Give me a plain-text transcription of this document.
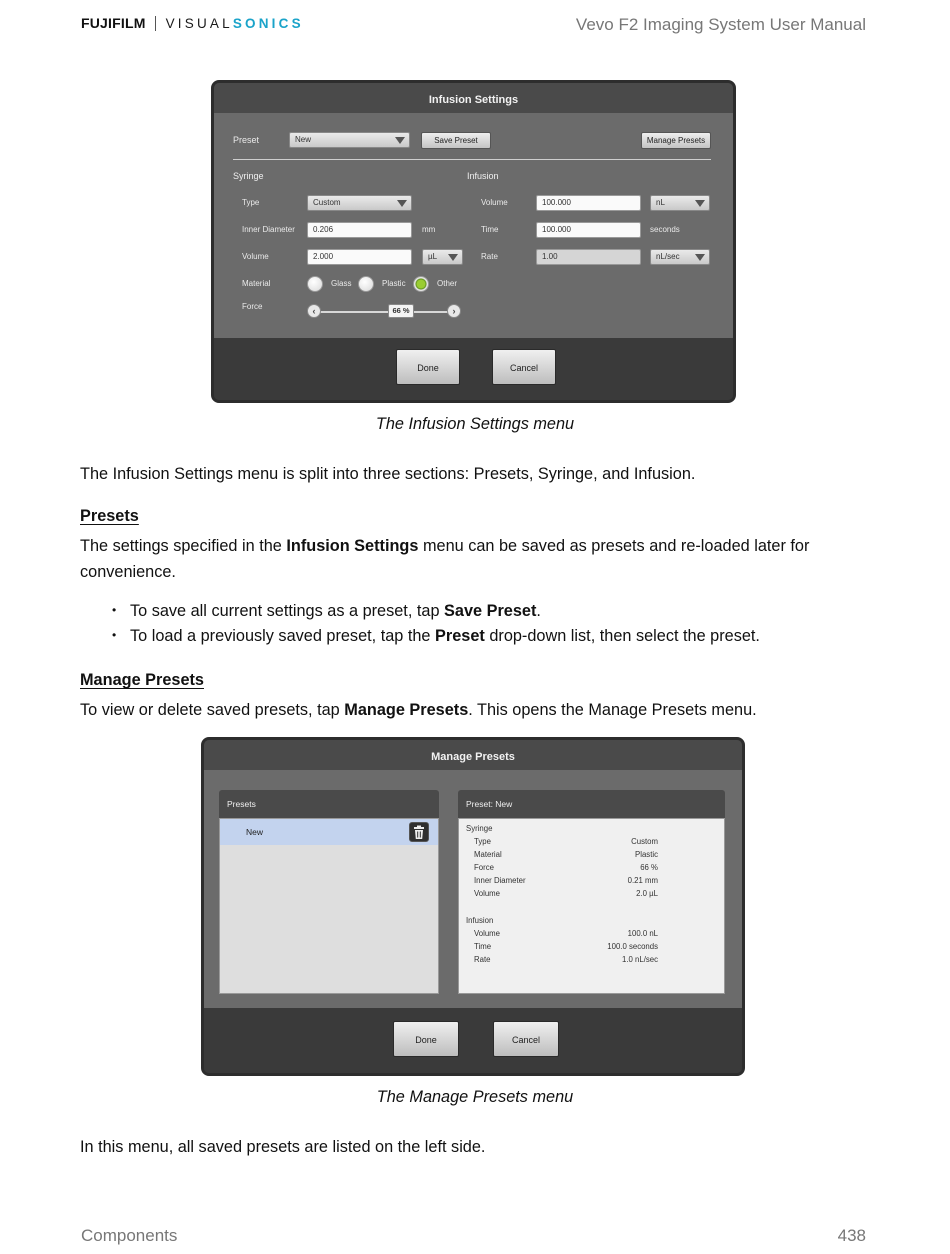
FUJIFILM VISUAL SONICS	Vevo F2 Imaging System User Manual
Infusion Settings
Preset	New	Save Preset	Manage Presets
Syringe	Infusion
Type	Custom
Inner Diameter	0.206	mm
Volume	2.000	µL
Material	Glass	Plastic	Other
Force	‹	›
66 %
Volume	100.000	nL
Time	100.000	seconds
Rate	1.00	nL/sec
Done	Cancel
The Infusion Settings menu
The Infusion Settings menu is split into three sections: Presets, Syringe, and Infusion.
Presets
The settings specified in the Infusion Settings menu can be saved as presets and re-loaded later for
convenience.
• To save all current settings as a preset, tap Save Preset.
• To load a previously saved preset, tap the Preset drop-down list, then select the preset.
Manage Presets
To view or delete saved presets, tap Manage Presets. This opens the Manage Presets menu.
Manage Presets
Presets
New
Preset: New
Syringe
Type	Custom
Material	Plastic
Force	66 %
Inner Diameter	0.21 mm
Volume	2.0 µL
Infusion
Volume	100.0 nL
Time	100.0 seconds
Rate	1.0 nL/sec
Done	Cancel
The Manage Presets menu
In this menu, all saved presets are listed on the left side.
Components	438
